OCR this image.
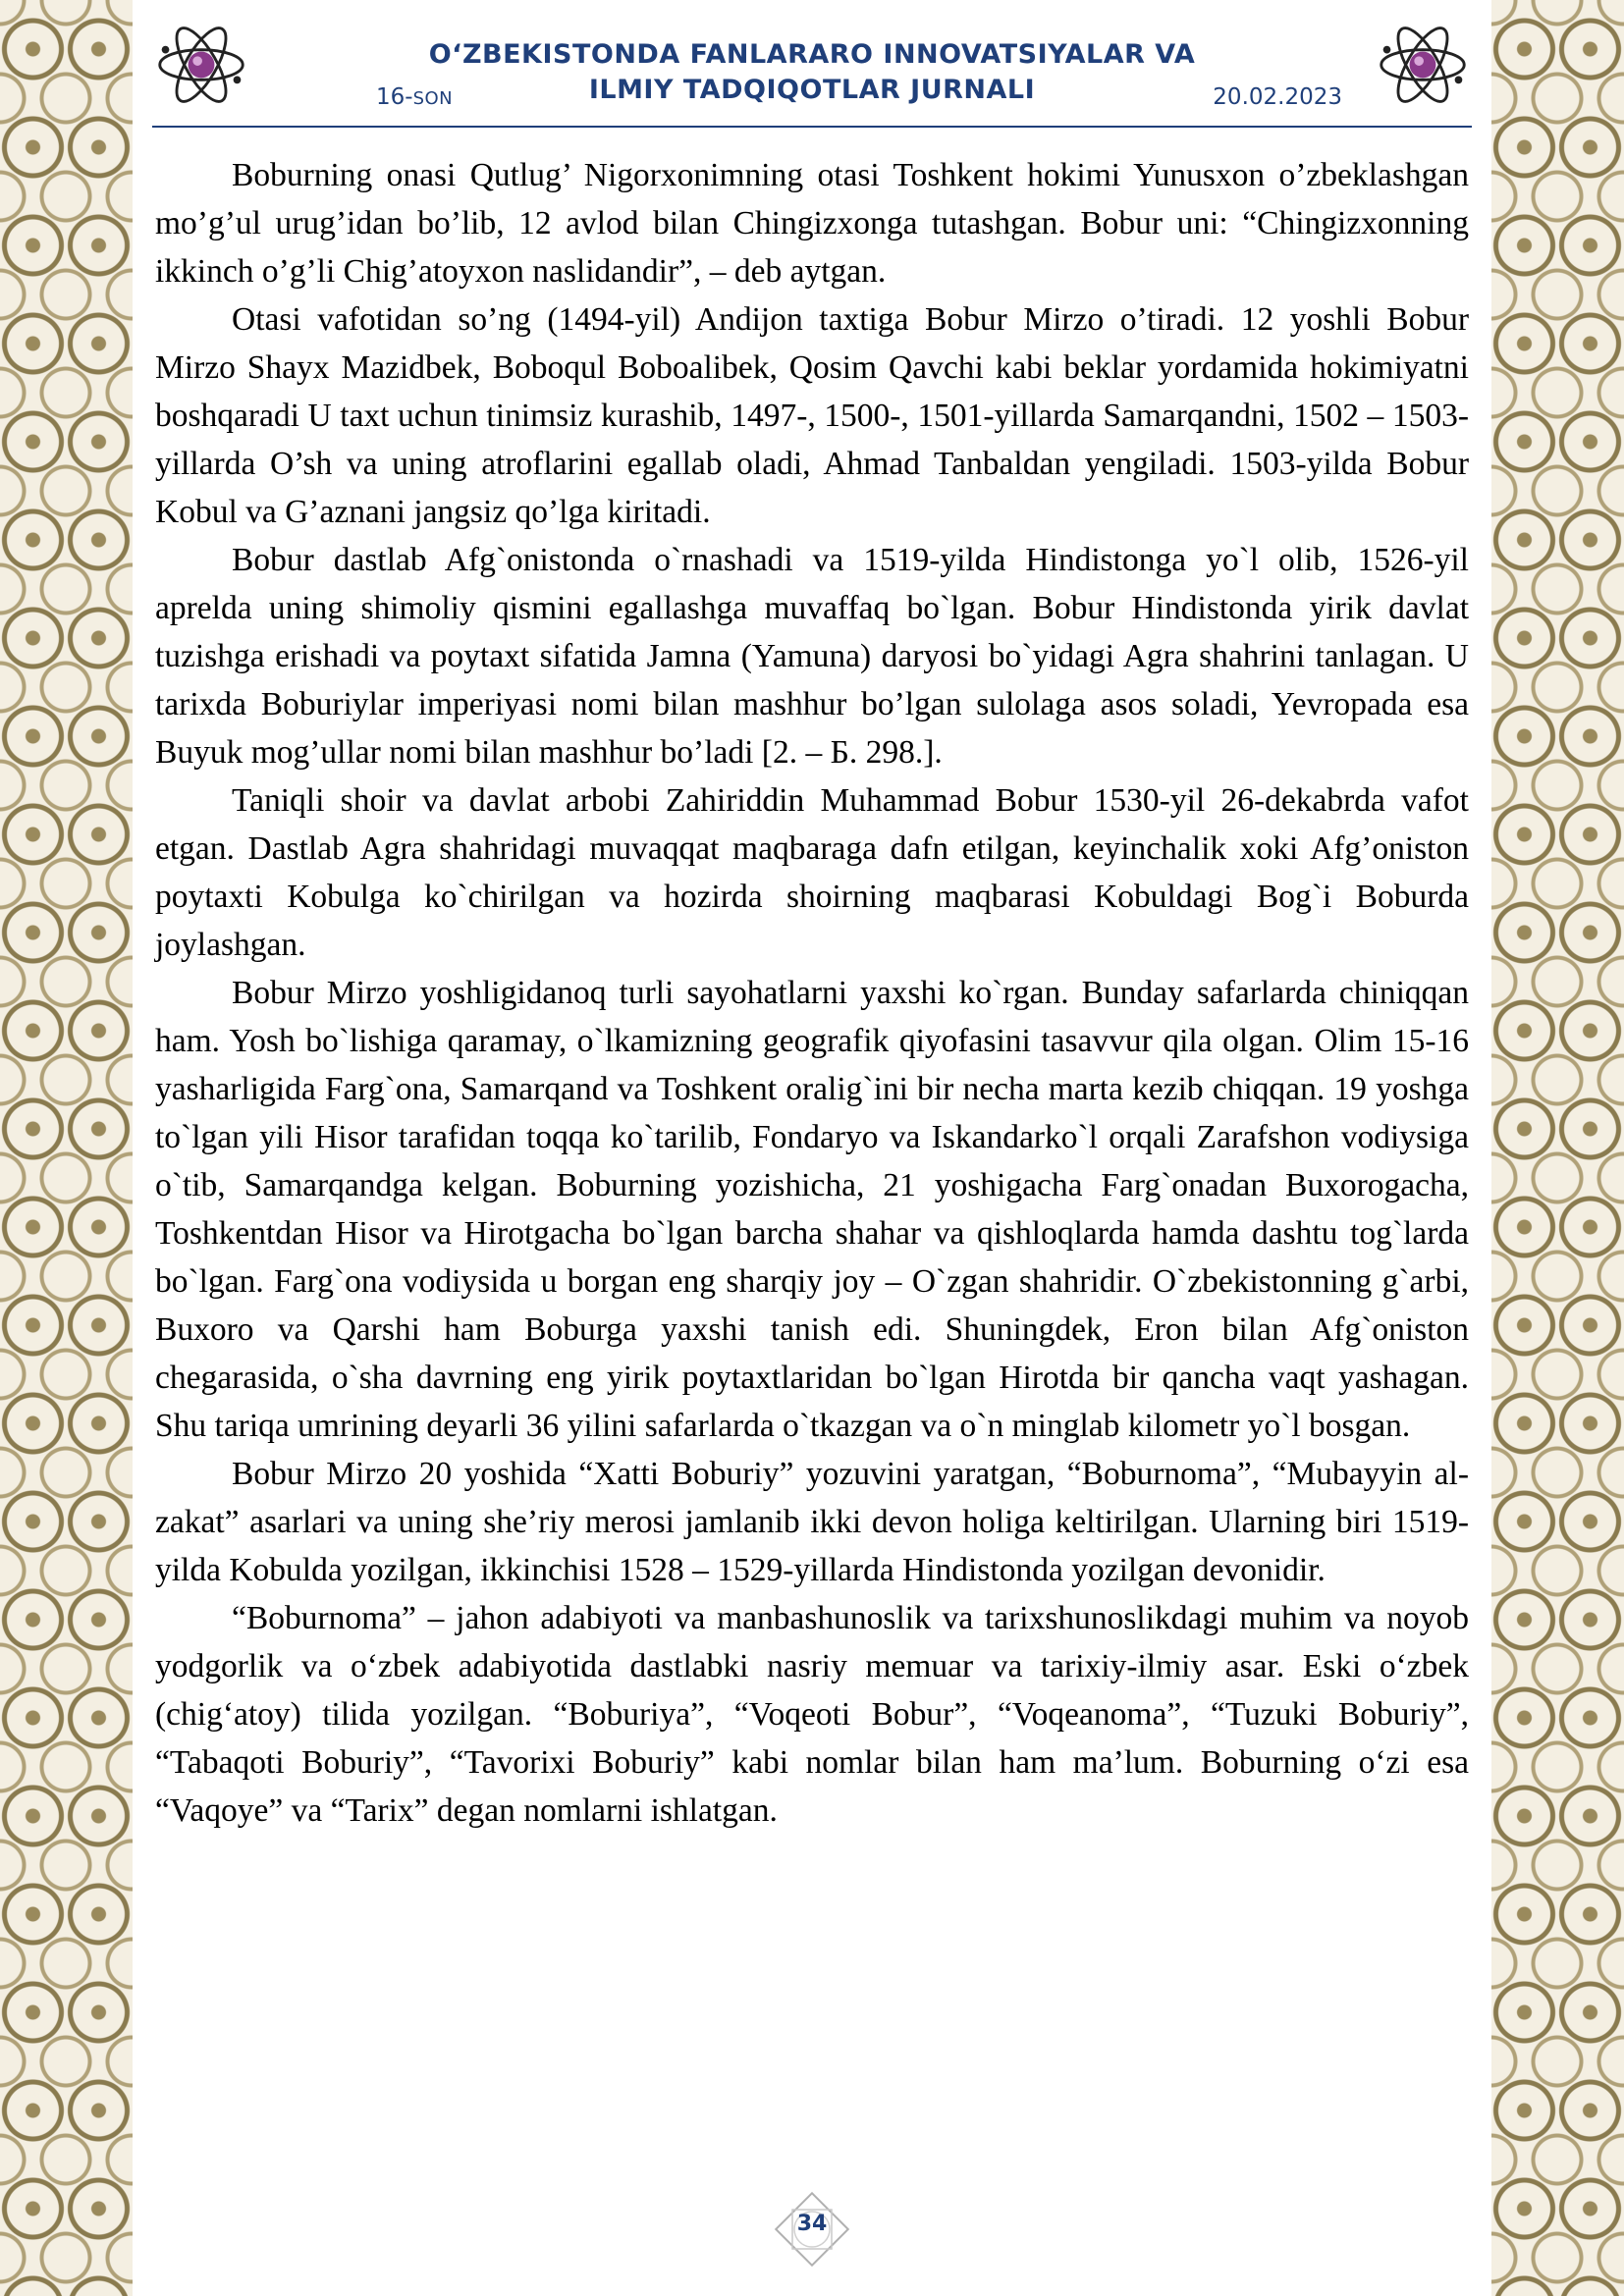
O‘ZBEKISTONDA FANLARARO INNOVATSIYALAR VA
ILMIY TADQIQOTLAR JURNALI
16-SON	20.02.2023

Boburning onasi Qutlug’ Nigorxonimning otasi Toshkent hokimi Yunusxon o’zbeklashgan mo’g’ul urug’idan bo’lib, 12 avlod bilan Chingizxonga tutashgan. Bobur uni: “Chingizxonning ikkinch o’g’li Chig’atoyxon naslidandir”, – deb aytgan.

Otasi vafotidan so’ng (1494-yil) Andijon taxtiga Bobur Mirzo o’tiradi. 12 yoshli Bobur Mirzo Shayx Mazidbek, Boboqul Boboalibek, Qosim Qavchi kabi beklar yordamida hokimiyatni boshqaradi U taxt uchun tinimsiz kurashib, 1497-, 1500-, 1501-yillarda Samarqandni, 1502 – 1503-yillarda O’sh va uning atroflarini egallab oladi, Ahmad Tanbaldan yengiladi. 1503-yilda Bobur Kobul va G’aznani jangsiz qo’lga kiritadi.

Bobur dastlab Afg`onistonda o`rnashadi va 1519-yilda Hindistonga yo`l olib, 1526-yil aprelda uning shimoliy qismini egallashga muvaffaq bo`lgan. Bobur Hindistonda yirik davlat tuzishga erishadi va poytaxt sifatida Jamna (Yamuna) daryosi bo`yidagi Agra shahrini tanlagan. U tarixda Boburiylar imperiyasi nomi bilan mashhur bo’lgan sulolaga asos soladi, Yevropada esa Buyuk mog’ullar nomi bilan mashhur bo’ladi [2. – Б. 298.].

Taniqli shoir va davlat arbobi Zahiriddin Muhammad Bobur 1530-yil 26-dekabrda vafot etgan. Dastlab Agra shahridagi muvaqqat maqbaraga dafn etilgan, keyinchalik xoki Afg’oniston poytaxti Kobulga ko`chirilgan va hozirda shoirning maqbarasi Kobuldagi Bog`i Boburda joylashgan.

Bobur Mirzo yoshligidanoq turli sayohatlarni yaxshi ko`rgan. Bunday safarlarda chiniqqan ham. Yosh bo`lishiga qaramay, o`lkamizning geografik qiyofasini tasavvur qila olgan. Olim 15-16 yasharligida Farg`ona, Samarqand va Toshkent oralig`ini bir necha marta kezib chiqqan. 19 yoshga to`lgan yili Hisor tarafidan toqqa ko`tarilib, Fondaryo va Iskandarko`l orqali Zarafshon vodiysiga o`tib, Samarqandga kelgan. Boburning yozishicha, 21 yoshigacha Farg`onadan Buxorogacha, Toshkentdan Hisor va Hirotgacha bo`lgan barcha shahar va qishloqlarda hamda dashtu tog`larda bo`lgan. Farg`ona vodiysida u borgan eng sharqiy joy – O`zgan shahridir. O`zbekistonning g`arbi, Buxoro va Qarshi ham Boburga yaxshi tanish edi. Shuningdek, Eron bilan Afg`oniston chegarasida, o`sha davrning eng yirik poytaxtlaridan bo`lgan Hirotda bir qancha vaqt yashagan. Shu tariqa umrining deyarli 36 yilini safarlarda o`tkazgan va o`n minglab kilometr yo`l bosgan.

Bobur Mirzo 20 yoshida “Xatti Boburiy” yozuvini yaratgan, “Boburnoma”, “Mubayyin al-zakat” asarlari va uning she’riy merosi jamlanib ikki devon holiga keltirilgan. Ularning biri 1519-yilda Kobulda yozilgan, ikkinchisi 1528 – 1529-yillarda Hindistonda yozilgan devonidir.

“Boburnoma” – jahon adabiyoti va manbashunoslik va tarixshunoslikdagi muhim va noyob yodgorlik va o‘zbek adabiyotida dastlabki nasriy memuar va tarixiy-ilmiy asar. Eski o‘zbek (chig‘atoy) tilida yozilgan. “Boburiya”, “Voqeoti Bobur”, “Voqeanoma”, “Tuzuki Boburiy”, “Tabaqoti Boburiy”, “Tavorixi Boburiy” kabi nomlar bilan ham ma’lum. Boburning o‘zi esa “Vaqoye” va “Tarix” degan nomlarni ishlatgan.

34
